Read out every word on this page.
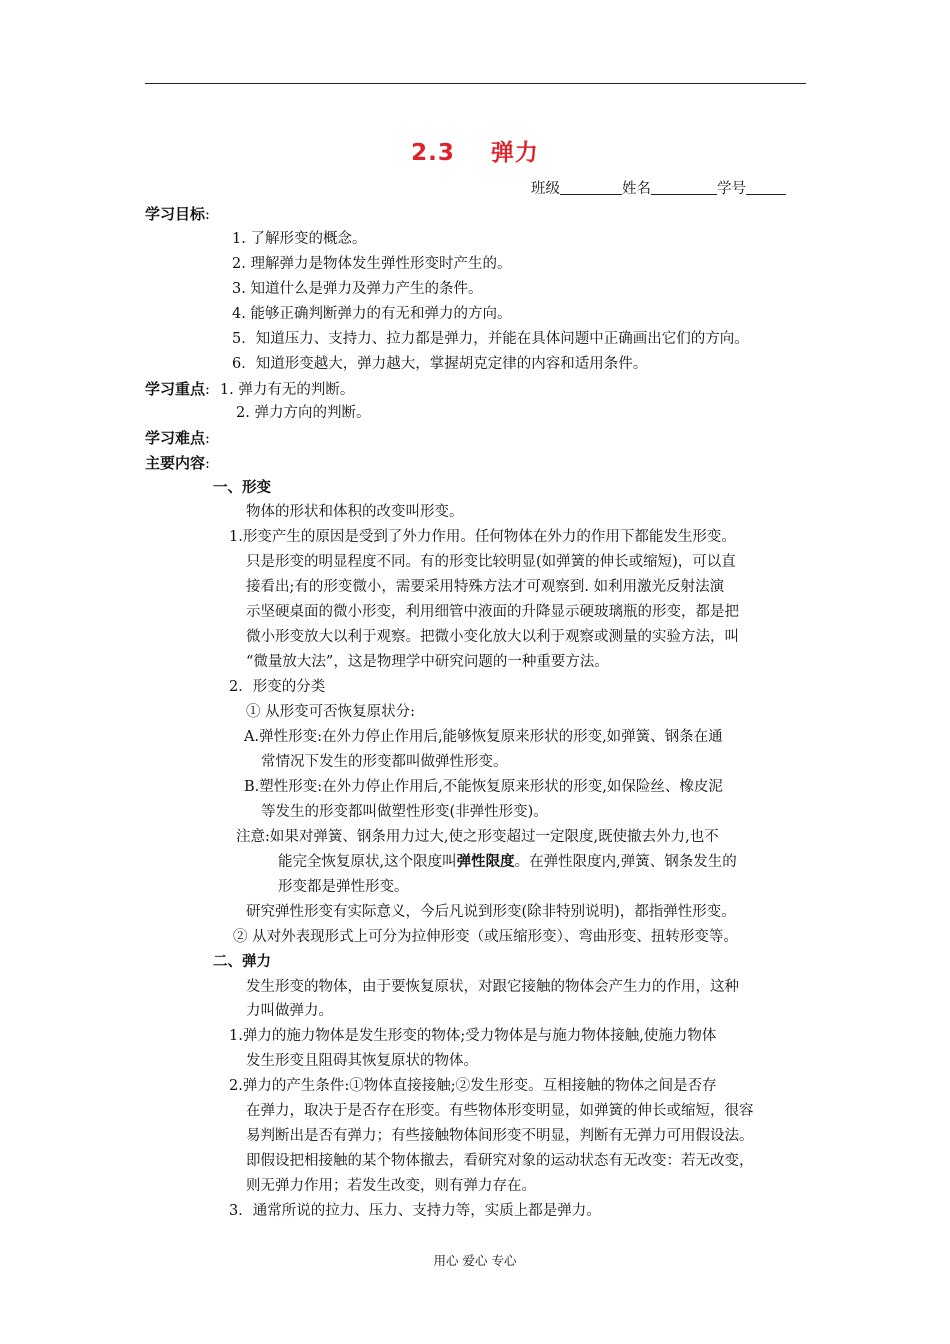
2.3 弹力
班级	姓名	学号
学习目标:
1. 了解形变的概念。
2. 理解弹力是物体发生弹性形变时产生的。
3. 知道什么是弹力及弹力产生的条件。
4. 能够正确判断弹力的有无和弹力的方向。
5．知道压力、支持力、拉力都是弹力，并能在具体问题中正确画出它们的方向。
6．知道形变越大，弹力越大，掌握胡克定律的内容和适用条件。
学习重点: 1. 弹力有无的判断。
2. 弹力方向的判断。
学习难点:
主要内容:
一、形变
物体的形状和体积的改变叫形变。
1.形变产生的原因是受到了外力作用。任何物体在外力的作用下都能发生形变。
只是形变的明显程度不同。有的形变比较明显(如弹簧的伸长或缩短)，可以直
接看出;有的形变微小，需要采用特殊方法才可观察到. 如利用激光反射法演
示坚硬桌面的微小形变，利用细管中液面的升降显示硬玻璃瓶的形变，都是把
微小形变放大以利于观察。把微小变化放大以利于观察或测量的实验方法，叫
“微量放大法”，这是物理学中研究问题的一种重要方法。
2．形变的分类
① 从形变可否恢复原状分:
A.弹性形变:在外力停止作用后,能够恢复原来形状的形变,如弹簧、钢条在通
常情况下发生的形变都叫做弹性形变。
B.塑性形变:在外力停止作用后,不能恢复原来形状的形变,如保险丝、橡皮泥
等发生的形变都叫做塑性形变(非弹性形变)。
注意:如果对弹簧、钢条用力过大,使之形变超过一定限度,既使撤去外力,也不
能完全恢复原状,这个限度叫弹性限度。在弹性限度内,弹簧、钢条发生的
形变都是弹性形变。
研究弹性形变有实际意义，今后凡说到形变(除非特别说明)，都指弹性形变。
② 从对外表现形式上可分为拉伸形变（或压缩形变）、弯曲形变、扭转形变等。
二、弹力
发生形变的物体，由于要恢复原状，对跟它接触的物体会产生力的作用，这种
力叫做弹力。
1.弹力的施力物体是发生形变的物体;受力物体是与施力物体接触,使施力物体
发生形变且阻碍其恢复原状的物体。
2.弹力的产生条件:①物体直接接触;②发生形变。互相接触的物体之间是否存
在弹力，取决于是否存在形变。有些物体形变明显，如弹簧的伸长或缩短，很容
易判断出是否有弹力；有些接触物体间形变不明显，判断有无弹力可用假设法。
即假设把相接触的某个物体撤去，看研究对象的运动状态有无改变：若无改变，
则无弹力作用；若发生改变，则有弹力存在。
3．通常所说的拉力、压力、支持力等，实质上都是弹力。
用心 爱心 专心
